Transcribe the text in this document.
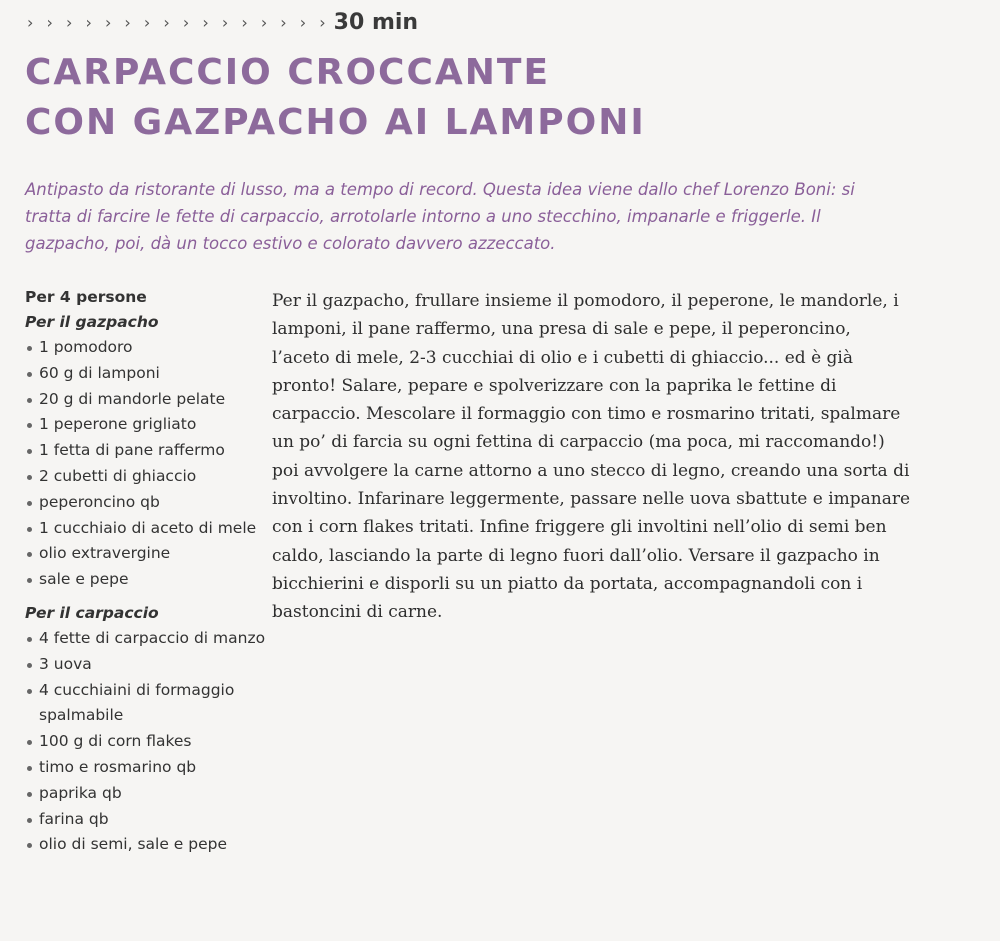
› › › › › › › › › › › › › › › › 30 min
CARPACCIO CROCCANTE
CON GAZPACHO AI LAMPONI

Antipasto da ristorante di lusso, ma a tempo di record. Questa idea viene dallo chef Lorenzo Boni: si tratta di farcire le fette di carpaccio, arrotolarle intorno a uno stecchino, impanarle e friggerle. Il gazpacho, poi, dà un tocco estivo e colorato davvero azzeccato.

Per 4 persone
Per il gazpacho
1 pomodoro
60 g di lamponi
20 g di mandorle pelate
1 peperone grigliato
1 fetta di pane raffermo
2 cubetti di ghiaccio
peperoncino qb
1 cucchiaio di aceto di mele
olio extravergine
sale e pepe
Per il carpaccio
4 fette di carpaccio di manzo
3 uova
4 cucchiaini di formaggio spalmabile
100 g di corn flakes
timo e rosmarino qb
paprika qb
farina qb
olio di semi, sale e pepe

Per il gazpacho, frullare insieme il pomodoro, il peperone, le mandorle, i lamponi, il pane raffermo, una presa di sale e pepe, il peperoncino, l’aceto di mele, 2-3 cucchiai di olio e i cubetti di ghiaccio... ed è già pronto! Salare, pepare e spolverizzare con la paprika le fettine di carpaccio. Mescolare il formaggio con timo e rosmarino tritati, spalmare un po’ di farcia su ogni fettina di carpaccio (ma poca, mi raccomando!) poi avvolgere la carne attorno a uno stecco di legno, creando una sorta di involtino. Infarinare leggermente, passare nelle uova sbattute e impanare con i corn flakes tritati. Infine friggere gli involtini nell’olio di semi ben caldo, lasciando la parte di legno fuori dall’olio. Versare il gazpacho in bicchierini e disporli su un piatto da portata, accompagnandoli con i bastoncini di carne.
